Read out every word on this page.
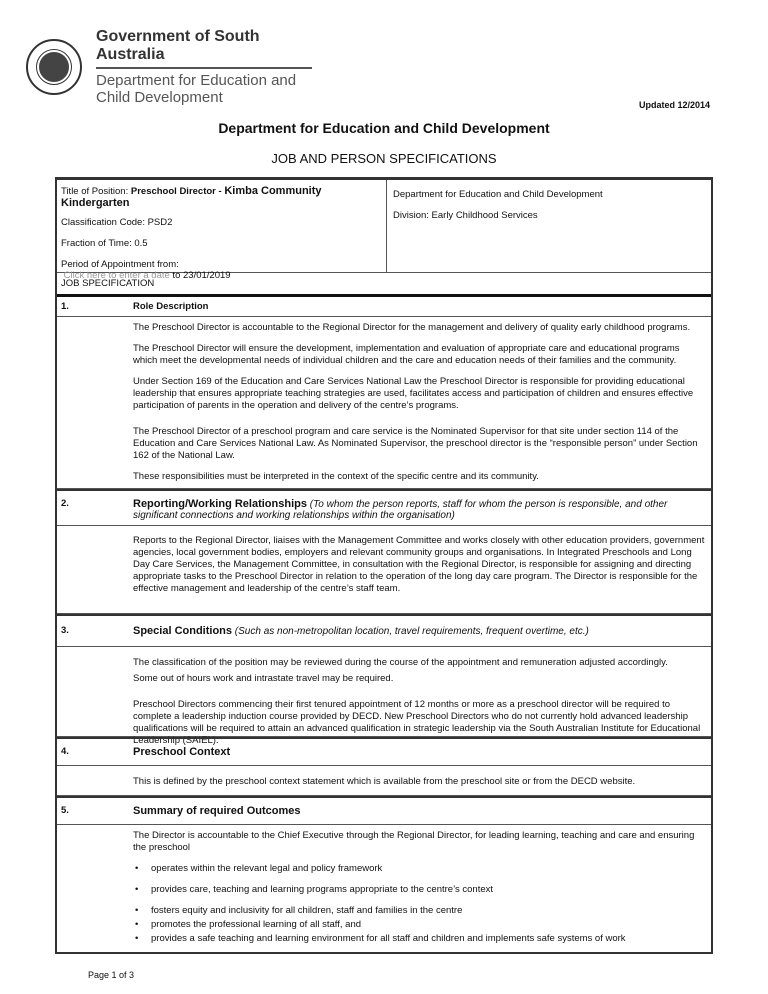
Government of South Australia
Department for Education and
Child Development	Updated 12/2014
Department for Education and Child Development
JOB AND PERSON SPECIFICATIONS

Title of Position: Preschool Director - Kimba Community Kindergarten

Classification Code: PSD2

Fraction of Time: 0.5

Period of Appointment from:
Click here to enter a date to 23/01/2019

Department for Education and Child Development

Division: Early Childhood Services

JOB SPECIFICATION
1.	Role Description

The Preschool Director is accountable to the Regional Director for the management and delivery of quality early childhood programs.

The Preschool Director will ensure the development, implementation and evaluation of appropriate care and educational programs which meet the developmental needs of individual children and the care and education needs of their families and the community.

Under Section 169 of the Education and Care Services National Law the Preschool Director is responsible for providing educational leadership that ensures appropriate teaching strategies are used, facilitates access and participation of children and ensures effective participation of parents in the operation and delivery of the centre’s programs.

The Preschool Director of a preschool program and care service is the Nominated Supervisor for that site under section 114 of the Education and Care Services National Law. As Nominated Supervisor, the preschool director is the “responsible person” under Section 162 of the National Law.

These responsibilities must be interpreted in the context of the specific centre and its community.

2.	Reporting/Working Relationships (To whom the person reports, staff for whom the person is responsible, and other significant connections and working relationships within the organisation)

Reports to the Regional Director, liaises with the Management Committee and works closely with other education providers, government agencies, local government bodies, employers and relevant community groups and organisations. In Integrated Preschools and Long Day Care Services, the Management Committee, in consultation with the Regional Director, is responsible for assigning and directing appropriate tasks to the Preschool Director in relation to the operation of the long day care program. The Director is responsible for the effective management and leadership of the centre’s staff team.

3.	Special Conditions (Such as non-metropolitan location, travel requirements, frequent overtime, etc.)

The classification of the position may be reviewed during the course of the appointment and remuneration adjusted accordingly.

Some out of hours work and intrastate travel may be required.

Preschool Directors commencing their first tenured appointment of 12 months or more as a preschool director will be required to complete a leadership induction course provided by DECD. New Preschool Directors who do not currently hold advanced leadership qualifications will be required to attain an advanced qualification in strategic leadership via the South Australian Institute for Educational Leadership (SAIEL).

4.	Preschool Context

This is defined by the preschool context statement which is available from the preschool site or from the DECD website.

5.	Summary of required Outcomes

The Director is accountable to the Chief Executive through the Regional Director, for leading learning, teaching and care and ensuring the preschool

• operates within the relevant legal and policy framework
• provides care, teaching and learning programs appropriate to the centre’s context
• fosters equity and inclusivity for all children, staff and families in the centre
• promotes the professional learning of all staff, and
• provides a safe teaching and learning environment for all staff and children and implements safe systems of work
Page 1 of 3
